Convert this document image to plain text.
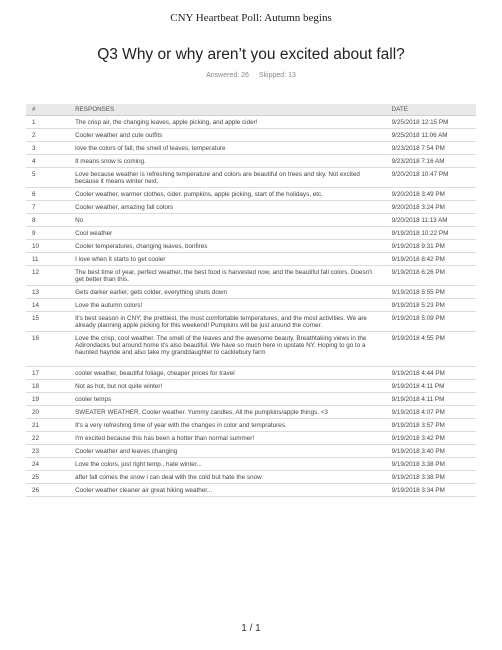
CNY Heartbeat Poll: Autumn begins
Q3 Why or why aren’t you excited about fall?
Answered: 26 Skipped: 13
#	RESPONSES	DATE
1	The crisp air, the changing leaves, apple picking, and apple cider!	9/25/2018 12:15 PM
2	Cooler weather and cute outfits	9/25/2018 11:06 AM
3	love the colors of fall, the smell of leaves, temperature	9/23/2018 7:54 PM
4	It means snow is coming.	9/23/2018 7:16 AM
5	Love because weather is refreshing temperature and colors are beautiful on trees and sky. Not excited because it means winter next.	9/20/2018 10:47 PM
6	Cooler weather, warmer clothes, cider. pumpkins, apple picking, start of the holidays, etc.	9/20/2018 3:49 PM
7	Cooler weather, amazing fall colors	9/20/2018 3:24 PM
8	No	9/20/2018 11:13 AM
9	Cool weather	9/19/2018 10:22 PM
10	Cooler temperatures, changing leaves, bonfires	9/19/2018 9:31 PM
11	I love when it starts to get cooler	9/19/2018 8:42 PM
12	The best time of year, perfect weather, the best food is harvested now, and the beautiful fall colors. Doesn't get better than this.	9/19/2018 6:26 PM
13	Gets darker earlier, gets colder, everything shuts down	9/19/2018 5:55 PM
14	Love the autumn colors!	9/19/2018 5:23 PM
15	It's best season in CNY; the prettiest, the most comfortable temperatures, and the most activities. We are already planning apple picking for this weekend! Pumpkins will be just around the corner.	9/19/2018 5:09 PM
16	Love the crisp, cool weather. The smell of the leaves and the awesome beauty. Breathtaking views in the Adirondacks but around home it's also beautiful. We have so much here in upstate NY. Hoping to go to a haunted hayride and also take my granddaughter to cacklebury farm	9/19/2018 4:55 PM
17	cooler weather, beautiful foliage, cheaper prices for travel	9/19/2018 4:44 PM
18	Not as hot, but not quite winter!	9/19/2018 4:11 PM
19	cooler temps	9/19/2018 4:11 PM
20	SWEATER WEATHER. Cooler weather. Yummy candles. All the pumpkins/apple things. <3	9/19/2018 4:07 PM
21	It's a very refreshing time of year with the changes in color and tempratures.	9/19/2018 3:57 PM
22	I'm excited because this has been a hotter than normal summer!	9/19/2018 3:42 PM
23	Cooler weather and leaves changing	9/19/2018 3:40 PM
24	Love the colors, just right temp., hate winter...	9/19/2018 3:38 PM
25	after fall comes the snow i can deal with the cold but hate the snow	9/19/2018 3:38 PM
26	Cooler weather cleaner air great hiking weather...	9/19/2018 3:34 PM
1 / 1
